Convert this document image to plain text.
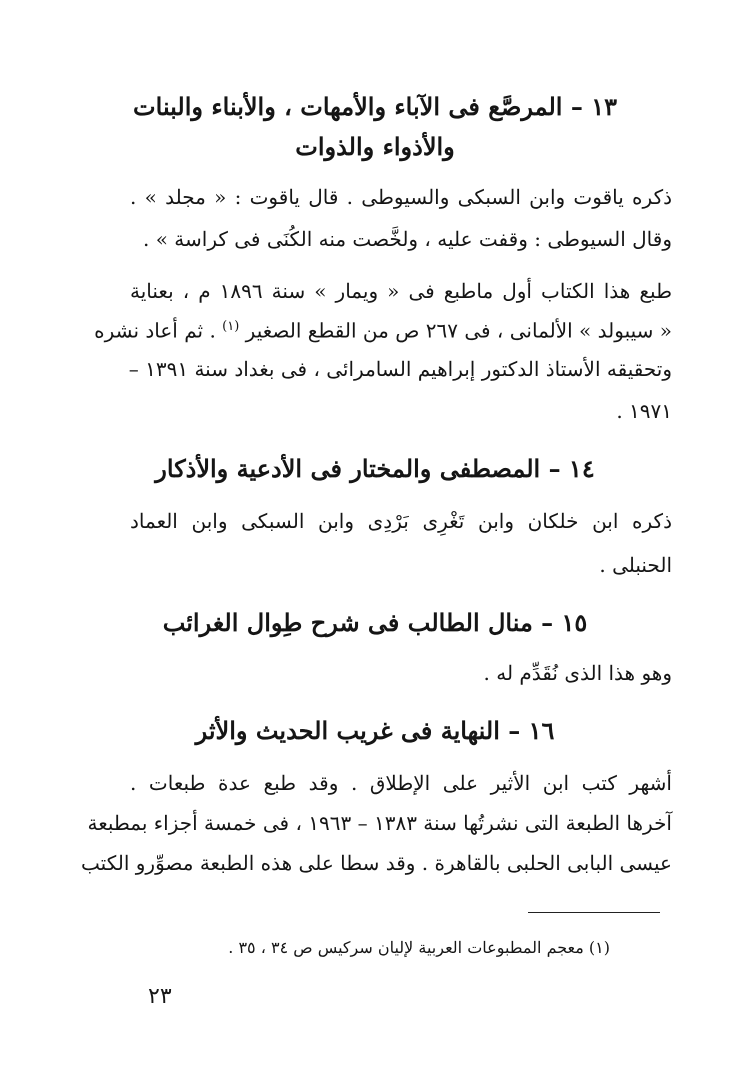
١٣ – المرصَّع فى الآباء والأمهات ، والأبناء والبنات
والأذواء والذوات
ذكره ياقوت وابن السبكى والسيوطى . قال ياقوت : « مجلد » .
وقال السيوطى : وقفت عليه ، ولخَّصت منه الكُنَى فى كراسة » .
طبع هذا الكتاب أول ماطبع فى « ويمار » سنة ١٨٩٦ م ، بعناية
« سيبولد » الألمانى ، فى ٢٦٧ ص من القطع الصغير $^{(١)}$ . ثم أعاد نشره
وتحقيقه الأستاذ الدكتور إبراهيم السامرائى ، فى بغداد سنة ١٣٩١ –
١٩٧١ .
١٤ – المصطفى والمختار فى الأدعية والأذكار
ذكره ابن خلكان وابن تَغْرِى بَرْدِى وابن السبكى وابن العماد
الحنبلى .
١٥ – منال الطالب فى شرح طِوال الغرائب
وهو هذا الذى نُقَدِّم له .
١٦ – النهاية فى غريب الحديث والأثر
أشهر كتب ابن الأثير على الإطلاق . وقد طبع عدة طبعات .
آخرها الطبعة التى نشرتُها سنة ١٣٨٣ – ١٩٦٣ ، فى خمسة أجزاء بمطبعة
عيسى البابى الحلبى بالقاهرة . وقد سطا على هذه الطبعة مصوِّرو الكتب
(١) معجم المطبوعات العربية لإليان سركيس ص ٣٤ ، ٣٥ .
٢٣
